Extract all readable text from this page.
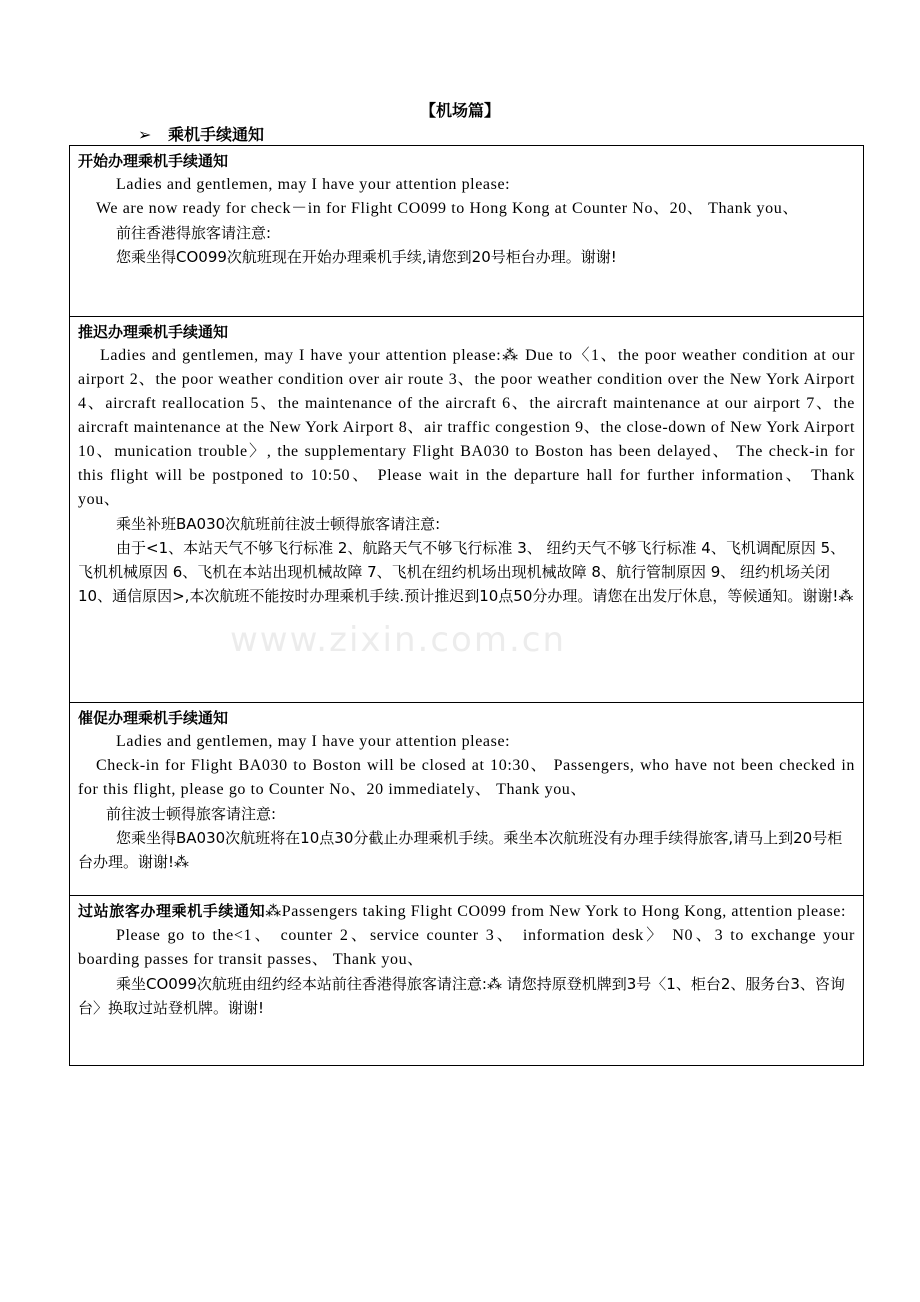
【机场篇】
➢ 乘机手续通知
www.zixin.com.cn
开始办理乘机手续通知

Ladies and gentlemen, may I have your attention please:

We are now ready for check－in for Flight CO099 to Hong Kong at Counter No、20、 Thank you、

前往香港得旅客请注意:

您乘坐得CO099次航班现在开始办理乘机手续,请您到20号柜台办理。谢谢!

推迟办理乘机手续通知

Ladies and gentlemen, may I have your attention please:⁂ Due to〈1、the poor weather condition at our airport 2、the poor weather condition over air route 3、the poor weather condition over the New York Airport 4、aircraft reallocation 5、the maintenance of the aircraft 6、the aircraft maintenance at our airport 7、the aircraft maintenance at the New York Airport 8、air traffic congestion 9、the close-down of New York Airport 10、munication trouble〉, the supplementary Flight BA030 to Boston has been delayed、 The check-in for this flight will be postponed to 10:50、 Please wait in the departure hall for further information、 Thank you、

乘坐补班BA030次航班前往波士顿得旅客请注意:

由于<1、本站天气不够飞行标准 2、航路天气不够飞行标准 3、 纽约天气不够飞行标准 4、飞机调配原因 5、飞机机械原因 6、飞机在本站出现机械故障 7、飞机在纽约机场出现机械故障 8、航行管制原因 9、 纽约机场关闭 10、通信原因>,本次航班不能按时办理乘机手续.预计推迟到10点50分办理。请您在出发厅休息，等候通知。谢谢!⁂

催促办理乘机手续通知

Ladies and gentlemen, may I have your attention please:

Check-in for Flight BA030 to Boston will be closed at 10:30、 Passengers, who have not been checked in for this flight, please go to Counter No、20 immediately、 Thank you、

前往波士顿得旅客请注意:

您乘坐得BA030次航班将在10点30分截止办理乘机手续。乘坐本次航班没有办理手续得旅客,请马上到20号柜台办理。谢谢!⁂

过站旅客办理乘机手续通知⁂Passengers taking Flight CO099 from New York to Hong Kong, attention please:

Please go to the<1、 counter 2、service counter 3、 information desk〉 N0、3 to exchange your boarding passes for transit passes、 Thank you、

乘坐CO099次航班由纽约经本站前往香港得旅客请注意:⁂ 请您持原登机牌到3号〈1、柜台2、服务台3、咨询台〉换取过站登机牌。谢谢!
